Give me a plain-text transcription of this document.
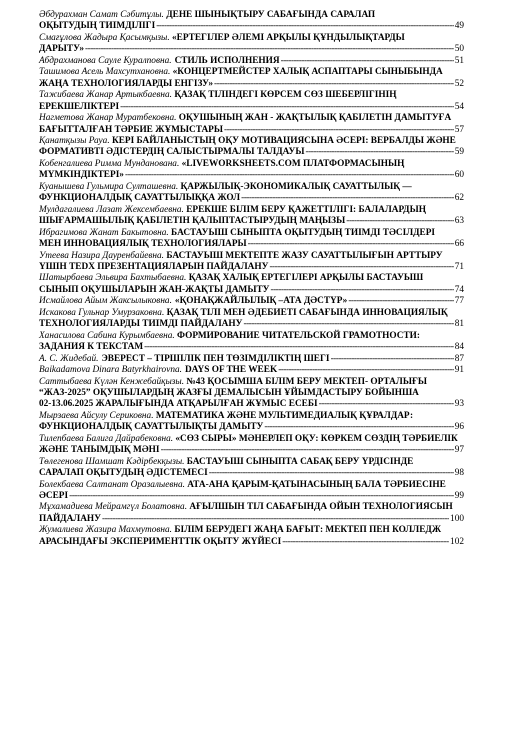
Әбдурахман Самат Сәбитұлы. ДЕНЕ ШЫНЫҚТЫРУ САБАҒЫНДА САРАЛАП
ОҚЫТУДЫҢ ТИІМДІЛІГІ -----	49
Смағұлова Жадыра Қасымқызы. «ЕРТЕГІЛЕР ӘЛЕМІ АРҚЫЛЫ ҚҰНДЫЛЫҚТАРДЫ
ДАРЫТУ» -----	50
Абдрахманова Сауле Куралповна. СТИЛЬ ИСПОЛНЕНИЯ -----	51
Ташимова Асель Махсутхановна. «КОНЦЕРТМЕЙСТЕР ХАЛЫҚ АСПАПТАРЫ СЫНЫБЫНДА
ЖАҢА ТЕХНОЛОГИЯЛАРДЫ ЕНГІЗУ» -----	52
Тажибаева Жанар Артыкбаевна. ҚАЗАҚ ТІЛІНДЕГІ КӨРСЕМ СӨЗ ШЕБЕРЛІГІНІҢ
ЕРЕКШЕЛІКТЕРІ -----	54
Нагметова Жанар Муратбековна. ОҚУШЫНЫҢ ЖАН - ЖАҚТЫЛЫҚ ҚАБІЛЕТІН ДАМЫТУҒА
БАҒЫТТАЛҒАН ТӘРБИЕ ЖҰМЫСТАРЫ -----	57
Қанатқызы Рауа. КЕРІ БАЙЛАНЫСТЫҢ ОҚУ МОТИВАЦИЯСЫНА ӘСЕРІ: ВЕРБАЛДЫ ЖӘНЕ
ФОРМАТИВТІ ӘДІСТЕРДІҢ САЛЫСТЫРМАЛЫ ТАЛДАУЫ -----	59
Кобенгалиева Римма Мунданована. «LIVEWORKSHEETS.COM ПЛАТФОРМАСЫНЫҢ
МҮМКІНДІКТЕРІ» -----	60
Куанышева Гульмира Султашевна. ҚАРЖЫЛЫҚ-ЭКОНОМИКАЛЫҚ САУАТТЫЛЫҚ —
ФУНКЦИОНАЛДЫҚ САУАТТЫЛЫҚҚА ЖОЛ -----	62
Мулдагалиева Лазат Жексембаевна. ЕРЕКШЕ БІЛІМ БЕРУ ҚАЖЕТТІЛІГІ: БАЛАЛАРДЫҢ
ШЫҒАРМАШЫЛЫҚ ҚАБІЛЕТІН ҚАЛЫПТАСТЫРУДЫҢ МАҢЫЗЫ -----	63
Ибрагимова Жанат Бакытовна. БАСТАУЫШ СЫНЫПТА ОҚЫТУДЫҢ ТИІМДІ ТӘСІЛДЕРІ
МЕН ИННОВАЦИЯЛЫҚ ТЕХНОЛОГИЯЛАРЫ -----	66
Утеева Назира Дауренбайевна. БАСТАУЫШ МЕКТЕПТЕ ЖАЗУ САУАТТЫЛЫҒЫН АРТТЫРУ
ҮШІН TEDX ПРЕЗЕНТАЦИЯЛАРЫН ПАЙДАЛАНУ -----	71
Шатырбаева Эльвира Бахтыбаевна. ҚАЗАҚ ХАЛЫҚ ЕРТЕГІЛЕРІ АРҚЫЛЫ БАСТАУЫШ
СЫНЫП ОҚУШЫЛАРЫН ЖАН-ЖАҚТЫ ДАМЫТУ -----	74
Исмайлова Айым Жаксылыковна. «ҚОНАҚЖАЙЛЫЛЫҚ –АТА ДӘСТҮР» -----	77
Искакова Гульнар Умурзаковна. ҚАЗАҚ ТІЛІ МЕН ӘДЕБИЕТІ САБАҒЫНДА ИННОВАЦИЯЛЫҚ
ТЕХНОЛОГИЯЛАРДЫ ТИІМДІ ПАЙДАЛАНУ -----	81
Ханасилова Сабина Курымбаевна. ФОРМИРОВАНИЕ ЧИТАТЕЛЬСКОЙ ГРАМОТНОСТИ:
ЗАДАНИЯ К ТЕКСТАМ -----	84
А. С. Жидебай. ЭВЕРЕСТ – ТІРШІЛІК ПЕН ТӨЗІМДІЛІКТІҢ ШЕГІ -----	87
Baikadamova Dinara Batyrkhairovna. DAYS OF THE WEEK -----	91
Саттыбаева Күлән Кенжебайқызы. №43 ҚОСЫМША БІЛІМ БЕРУ МЕКТЕП- ОРТАЛЫҒЫ
“ЖАЗ-2025” ОҚУШЫЛАРДЫҢ ЖАЗҒЫ ДЕМАЛЫСЫН ҰЙЫМДАСТЫРУ БОЙЫНША
02-13.06.2025 ЖАРАЛЫҒЫНДА АТҚАРЫЛҒАН ЖҰМЫС ЕСЕБІ -----	93
Мырзаева Айсулу Сериковна. МАТЕМАТИКА ЖӘНЕ МУЛЬТИМЕДИАЛЫҚ ҚҰРАЛДАР:
ФУНКЦИОНАЛДЫҚ САУАТТЫЛЫҚТЫ ДАМЫТУ -----	96
Тилепбаева Балига Дайрабековна. «СӨЗ СЫРЫ» МӘНЕРЛЕП ОҚУ: КӨРКЕМ СӨЗДІҢ ТӘРБИЕЛІК
ЖӘНЕ ТАНЫМДЫҚ МӘНІ -----	97
Төлегенова Шамшат Кәдірбекқызы. БАСТАУЫШ СЫНЫПТА САБАҚ БЕРУ ҮРДІСІНДЕ
САРАЛАП ОҚЫТУДЫҢ ӘДІСТЕМЕСІ -----	98
Болекбаева Салтанат Оразалыевна. АТА-АНА ҚАРЫМ-ҚАТЫНАСЫНЫҢ БАЛА ТӘРБИЕСІНЕ
ӘСЕРІ -----	99
Мұхамадиева Мейрамгүл Болатовна. АҒЫЛШЫН ТІЛ САБАҒЫНДА ОЙЫН ТЕХНОЛОГИЯСЫН
ПАЙДАЛАНУ -----	100
Жумалиева Жазира Махмутовна. БІЛІМ БЕРУДЕГІ ЖАҢА БАҒЫТ: МЕКТЕП ПЕН КОЛЛЕДЖ
АРАСЫНДАҒЫ ЭКСПЕРИМЕНТТІК ОҚЫТУ ЖҮЙЕСІ -----	102
